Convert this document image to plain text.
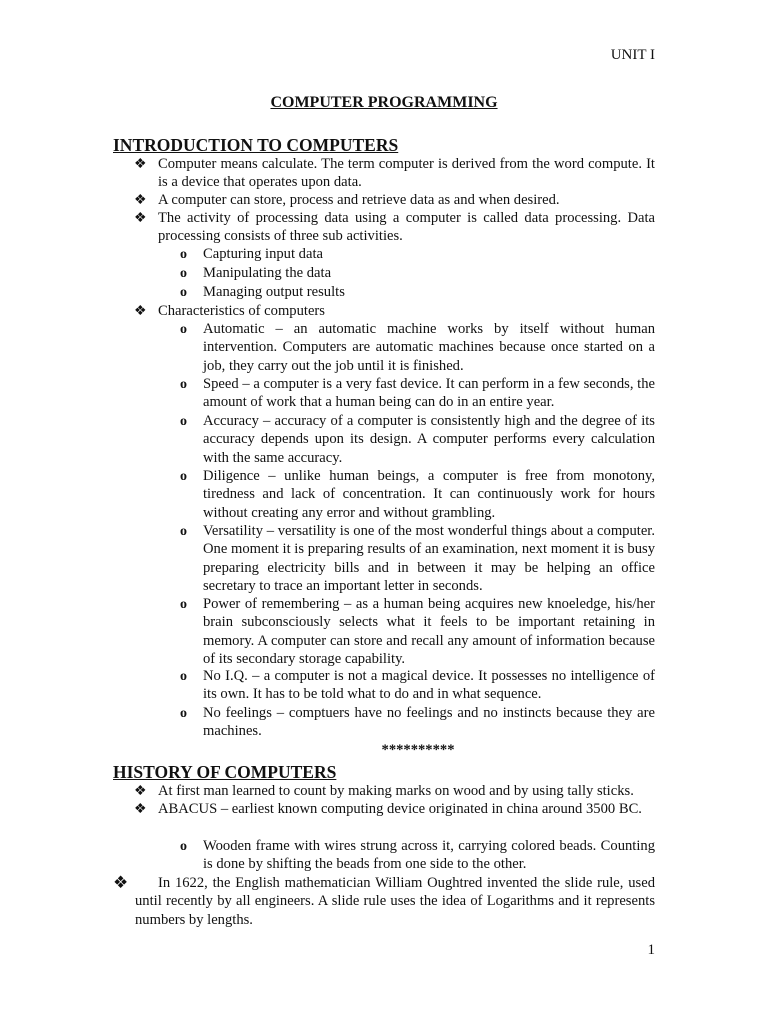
UNIT I
COMPUTER PROGRAMMING
INTRODUCTION TO COMPUTERS
❖ Computer means calculate. The term computer is derived from the word compute. It is a device that operates upon data.
❖ A computer can store, process and retrieve data as and when desired.
❖ The activity of processing data using a computer is called data processing. Data processing consists of three sub activities.
o Capturing input data
o Manipulating the data
o Managing output results
❖ Characteristics of computers
o Automatic – an automatic machine works by itself without human intervention. Computers are automatic machines because once started on a job, they carry out the job until it is finished.
o Speed – a computer is a very fast device. It can perform in a few seconds, the amount of work that a human being can do in an entire year.
o Accuracy – accuracy of a computer is consistently high and the degree of its accuracy depends upon its design. A computer performs every calculation with the same accuracy.
o Diligence – unlike human beings, a computer is free from monotony, tiredness and lack of concentration. It can continuously work for hours without creating any error and without grambling.
o Versatility – versatility is one of the most wonderful things about a computer. One moment it is preparing results of an examination, next moment it is busy preparing electricity bills and in between it may be helping an office secretary to trace an important letter in seconds.
o Power of remembering – as a human being acquires new knoeledge, his/her brain subconsciously selects what it feels to be important retaining in memory. A computer can store and recall any amount of information because of its secondary storage capability.
o No I.Q. – a computer is not a magical device. It possesses no intelligence of its own. It has to be told what to do and in what sequence.
o No feelings – comptuers have no feelings and no instincts because they are machines.
**********
HISTORY OF COMPUTERS
❖ At first man learned to count by making marks on wood and by using tally sticks.
❖ ABACUS – earliest known computing device originated in china around 3500 BC.
o Wooden frame with wires strung across it, carrying colored beads. Counting is done by shifting the beads from one side to the other.
❖	In 1622, the English mathematician William Oughtred invented the slide rule, used until recently by all engineers. A slide rule uses the idea of Logarithms and it represents numbers by lengths.
1
